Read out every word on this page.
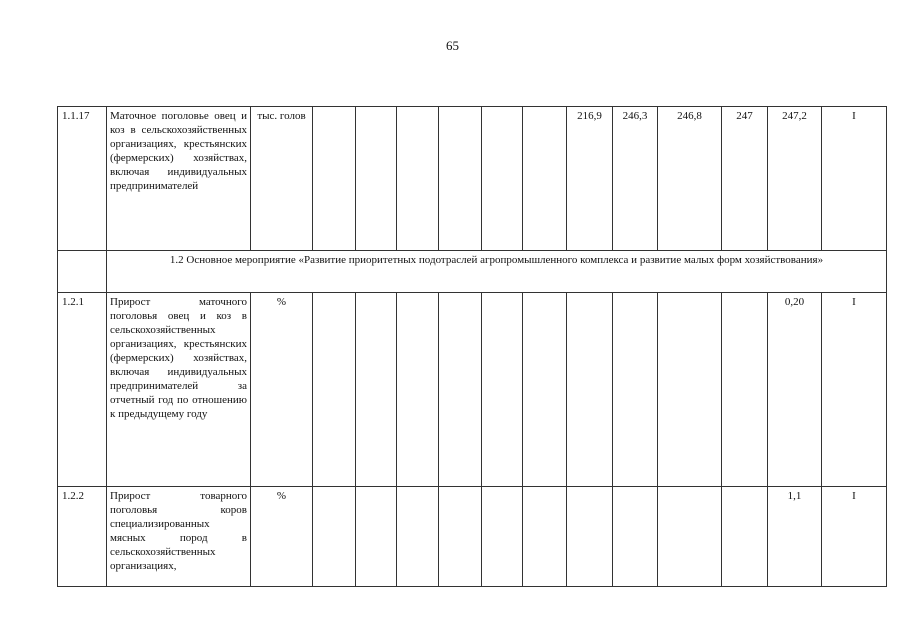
65
1.1.17	Маточное поголовье овец и коз в сельскохозяйственных организациях, крестьянских (фермерских) хозяйствах, включая индивидуальных предпринимателей	тыс. голов							216,9	246,3	246,8	247	247,2	I
	1.2 Основное мероприятие «Развитие приоритетных подотраслей агропромышленного комплекса и развитие малых форм хозяйствования»													
1.2.1	Прирост маточного поголовья овец и коз в сельскохозяйственных организациях, крестьянских (фермерских) хозяйствах, включая индивидуальных предпринимателей за отчетный год по отношению к предыдущему году	%											0,20	I
1.2.2	Прирост товарного поголовья коров специализированных мясных пород в сельскохозяйственных организациях,	%											1,1	I
